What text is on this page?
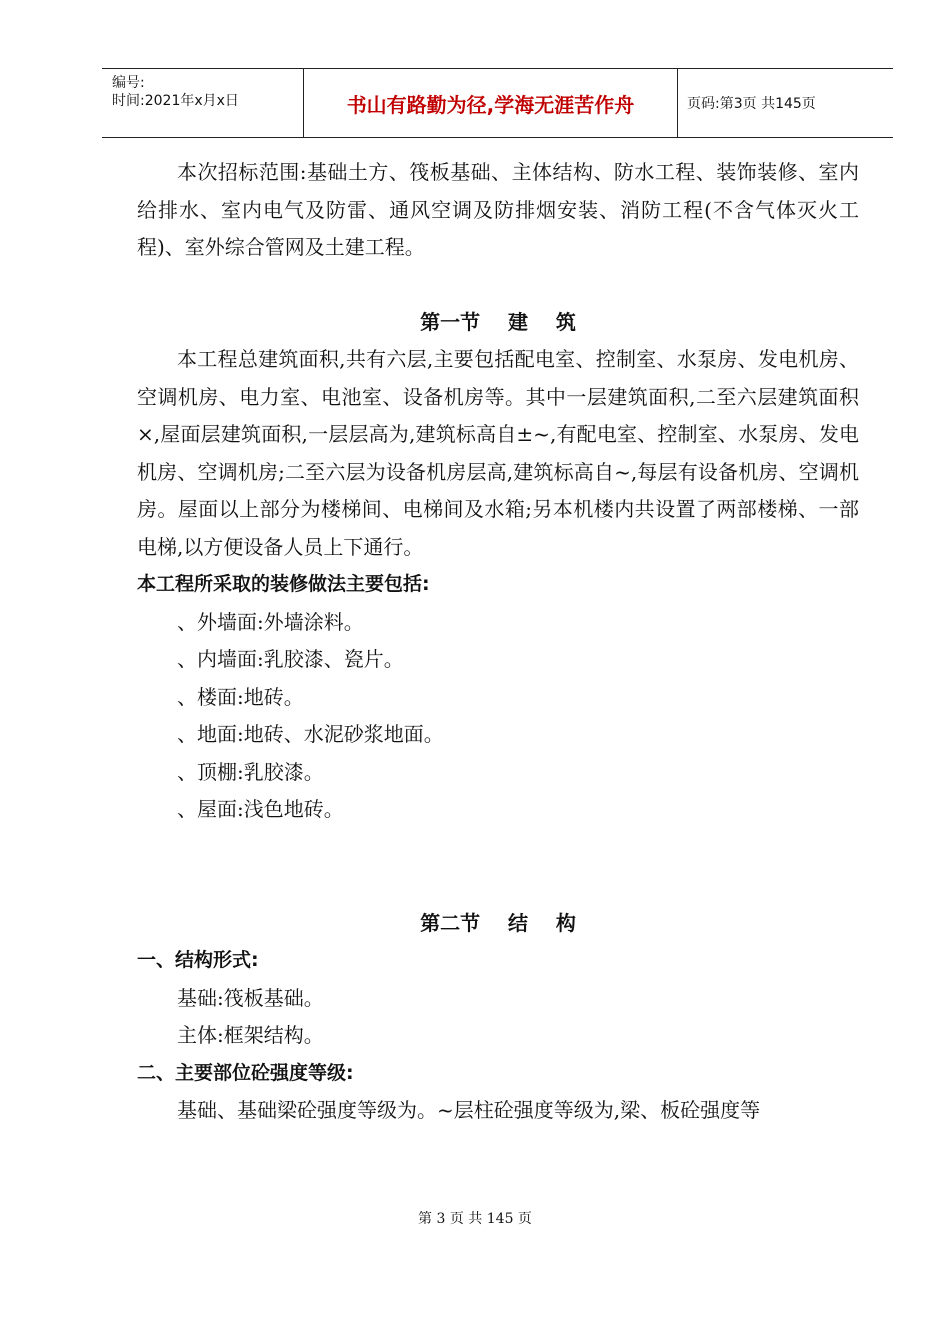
编号:
时间:2021年x月x日	书山有路勤为径,学海无涯苦作舟	页码:第3页 共145页

本次招标范围:基础土方、筏板基础、主体结构、防水工程、装饰装修、室内给排水、室内电气及防雷、通风空调及防排烟安装、消防工程(不含气体灭火工程)、室外综合管网及土建工程。

第一节    建    筑

本工程总建筑面积,共有六层,主要包括配电室、控制室、水泵房、发电机房、空调机房、电力室、电池室、设备机房等。其中一层建筑面积,二至六层建筑面积×,屋面层建筑面积,一层层高为,建筑标高自±~,有配电室、控制室、水泵房、发电机房、空调机房;二至六层为设备机房层高,建筑标高自~,每层有设备机房、空调机房。屋面以上部分为楼梯间、电梯间及水箱;另本机楼内共设置了两部楼梯、一部电梯,以方便设备人员上下通行。

本工程所采取的装修做法主要包括:

、外墙面:外墙涂料。

、内墙面:乳胶漆、瓷片。

、楼面:地砖。

、地面:地砖、水泥砂浆地面。

、顶棚:乳胶漆。

、屋面:浅色地砖。

第二节    结    构

一、结构形式:

基础:筏板基础。

主体:框架结构。

二、主要部位砼强度等级:

基础、基础梁砼强度等级为。~层柱砼强度等级为,梁、板砼强度等

第 3 页 共 145 页
